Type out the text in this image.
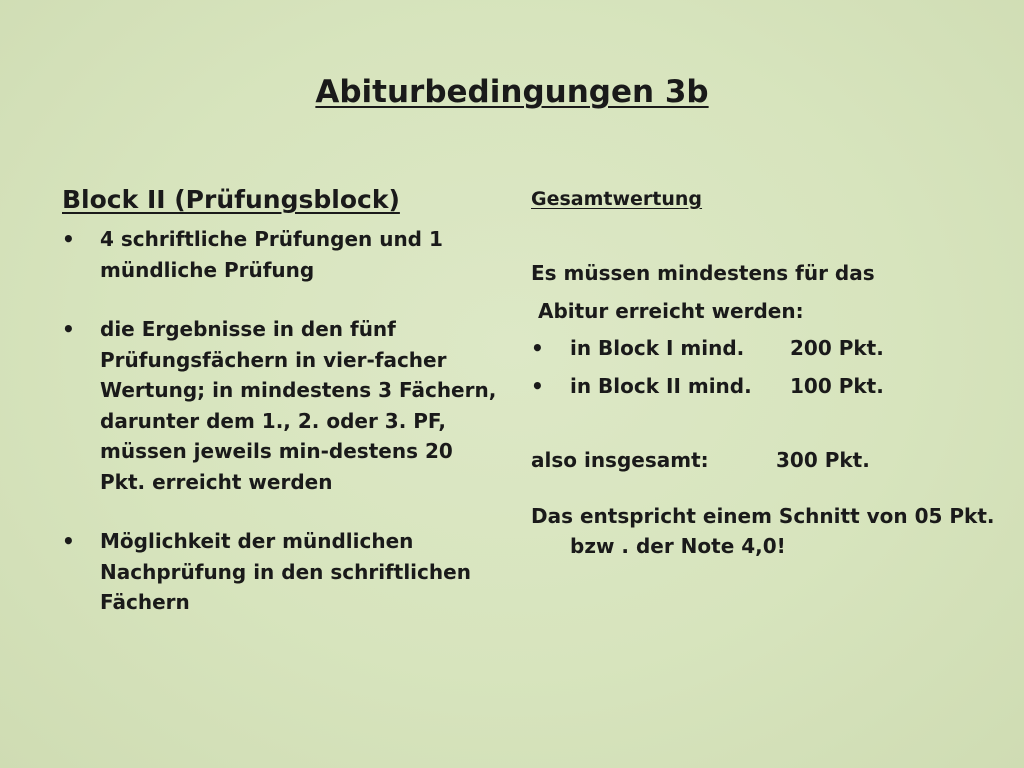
Abiturbedingungen 3b
Block II (Prüfungsblock)
• 4 schriftliche Prüfungen und 1 mündliche Prüfung
• die Ergebnisse in den fünf Prüfungsfächern in vier-facher Wertung; in mindestens 3 Fächern, darunter dem 1., 2. oder 3. PF, müssen jeweils min-destens 20 Pkt. erreicht werden
• Möglichkeit der mündlichen Nachprüfung in den schriftlichen Fächern
Gesamtwertung
Es müssen mindestens für das
Abitur erreicht werden:
• in Block I mind. 200 Pkt.
• in Block II mind. 100 Pkt.
also insgesamt:	300 Pkt.
Das entspricht einem Schnitt von 05 Pkt. bzw . der Note 4,0!
